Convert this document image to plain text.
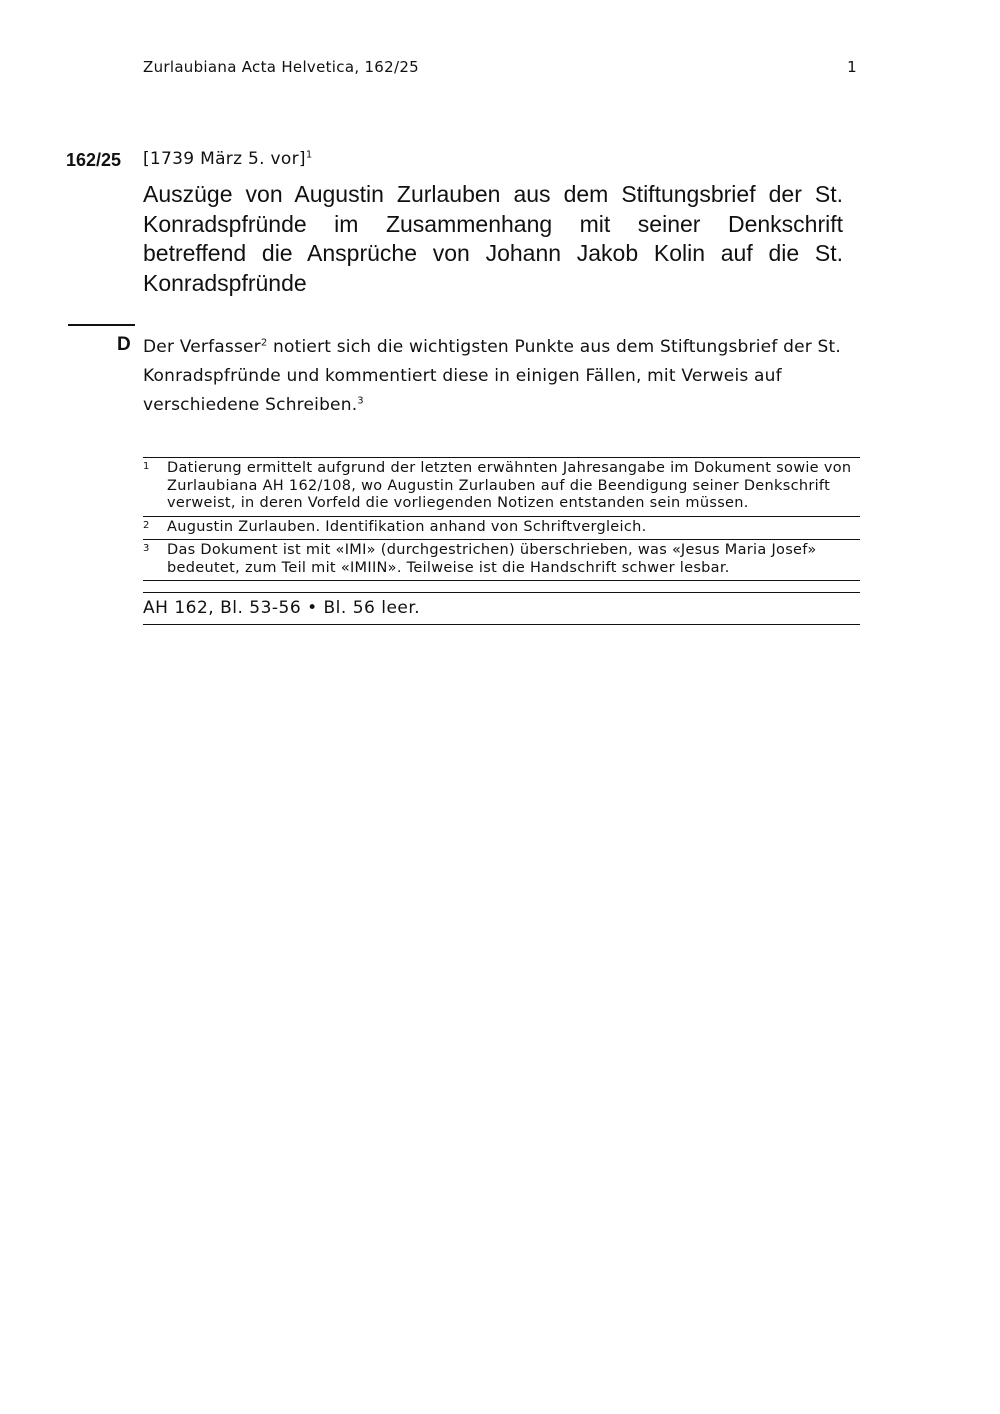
Zurlaubiana Acta Helvetica, 162/25	1
162/25 [1739 März 5. vor]$^1$
Auszüge von Augustin Zurlauben aus dem Stiftungsbrief der St. Konradspfründe im Zusammenhang mit seiner Denkschrift betreffend die Ansprüche von Johann Jakob Kolin auf die St. Konradspfründe
D Der Verfasser$^2$ notiert sich die wichtigsten Punkte aus dem Stiftungsbrief der St. Konradspfründe und kommentiert diese in einigen Fällen, mit Verweis auf verschiedene Schreiben.$^3$
1	Datierung ermittelt aufgrund der letzten erwähnten Jahresangabe im Dokument sowie von Zurlaubiana AH 162/108, wo Augustin Zurlauben auf die Beendigung seiner Denkschrift verweist, in deren Vorfeld die vorliegenden Notizen entstanden sein müssen.
2	Augustin Zurlauben. Identifikation anhand von Schriftvergleich.
3	Das Dokument ist mit «IMI» (durchgestrichen) überschrieben, was «Jesus Maria Josef» bedeutet, zum Teil mit «IMIIN». Teilweise ist die Handschrift schwer lesbar.
AH 162, Bl. 53-56 • Bl. 56 leer.
